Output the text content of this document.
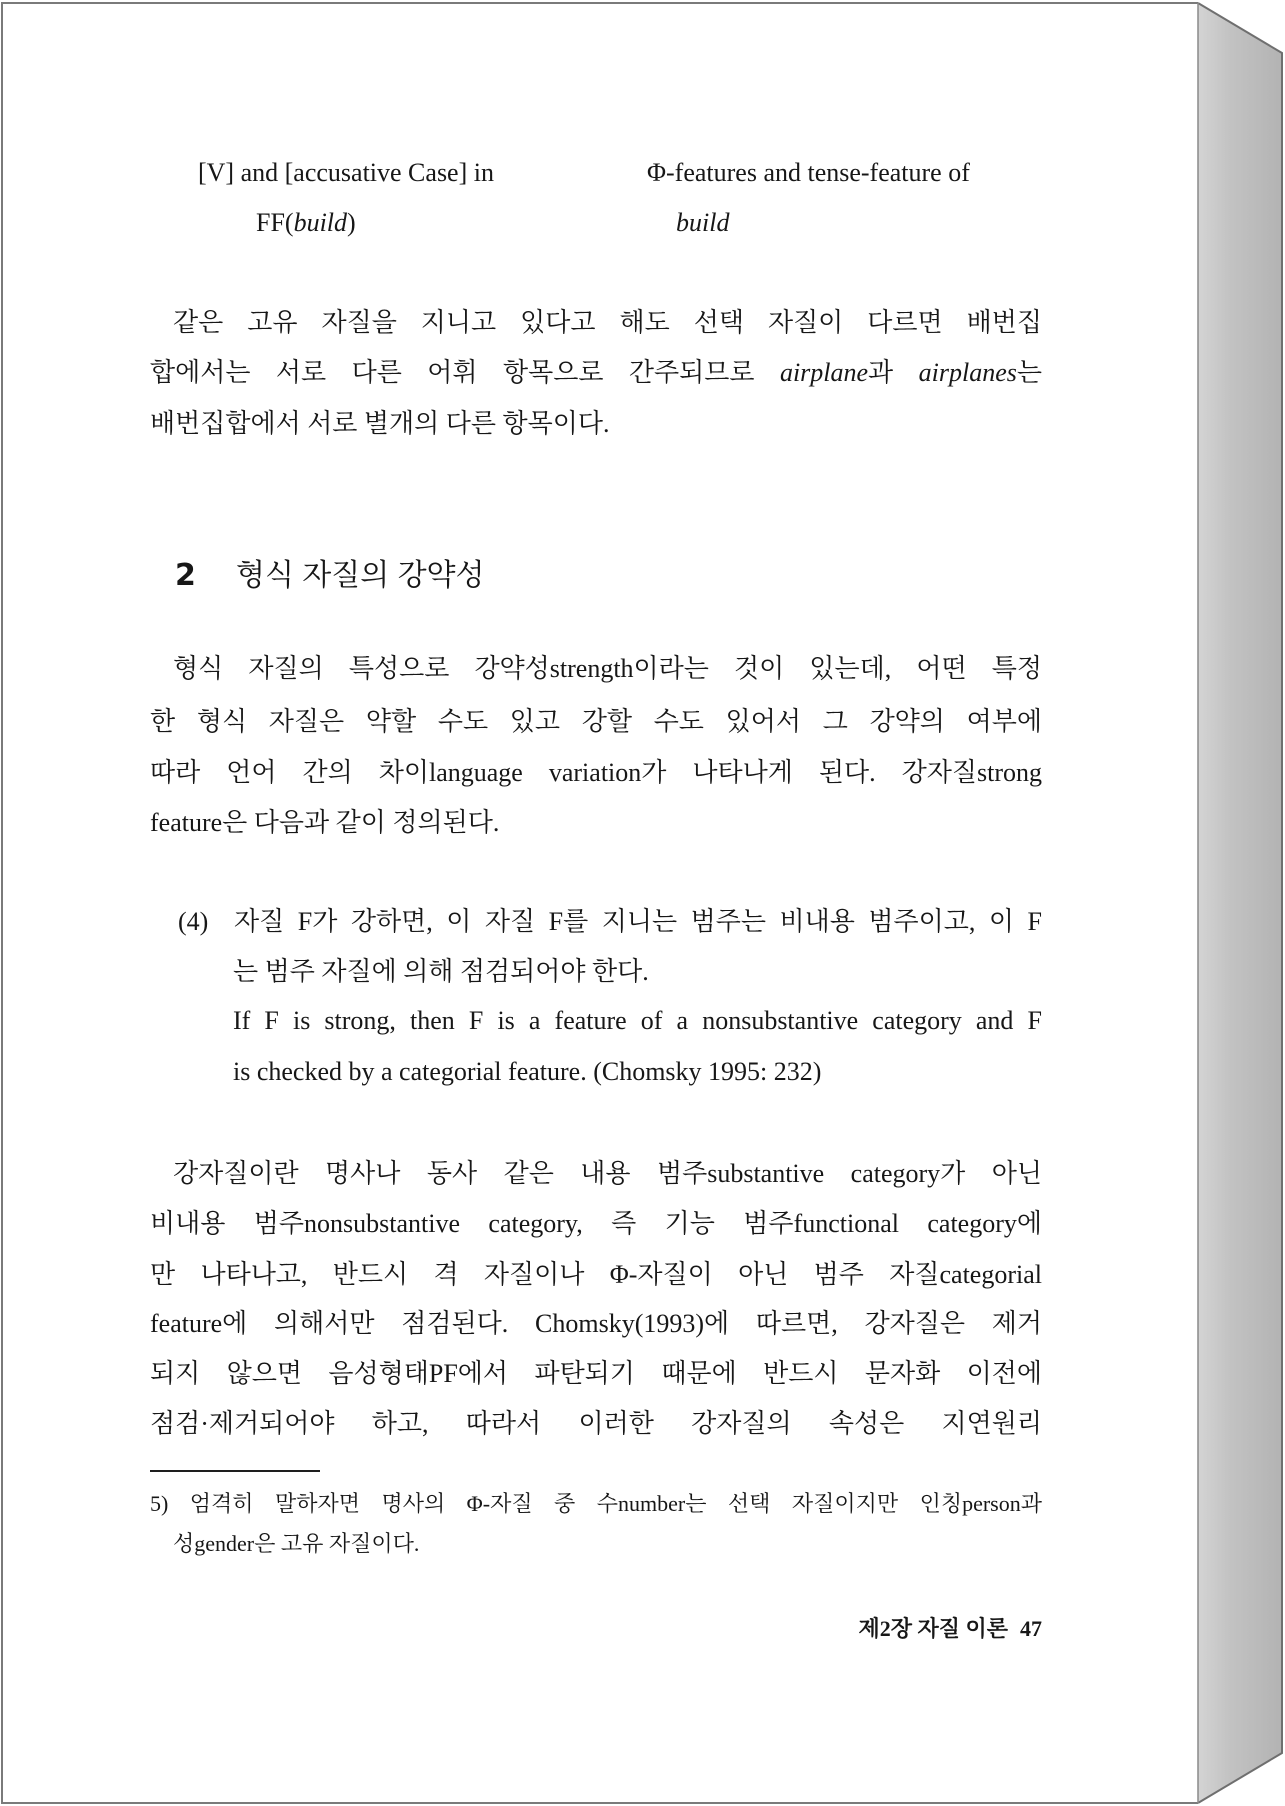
[V] and [accusative Case] in
FF(build)
Φ-features and tense-feature of
build
같은 고유 자질을 지니고 있다고 해도 선택 자질이 다르면 배번집
합에서는 서로 다른 어휘 항목으로 간주되므로 airplane과 airplanes는
배번집합에서 서로 별개의 다른 항목이다.
2 형식 자질의 강약성
형식 자질의 특성으로 강약성strength이라는 것이 있는데, 어떤 특정
한 형식 자질은 약할 수도 있고 강할 수도 있어서 그 강약의 여부에
따라 언어 간의 차이language variation가 나타나게 된다. 강자질strong
feature은 다음과 같이 정의된다.
(4) 자질 F가 강하면, 이 자질 F를 지니는 범주는 비내용 범주이고, 이 F
는 범주 자질에 의해 점검되어야 한다.
If F is strong, then F is a feature of a nonsubstantive category and F
is checked by a categorial feature. (Chomsky 1995: 232)
강자질이란 명사나 동사 같은 내용 범주substantive category가 아닌
비내용 범주nonsubstantive category, 즉 기능 범주functional category에
만 나타나고, 반드시 격 자질이나 Φ-자질이 아닌 범주 자질categorial
feature에 의해서만 점검된다. Chomsky(1993)에 따르면, 강자질은 제거
되지 않으면 음성형태PF에서 파탄되기 때문에 반드시 문자화 이전에
점검·제거되어야 하고, 따라서 이러한 강자질의 속성은 지연원리
5) 엄격히 말하자면 명사의 Φ-자질 중 수number는 선택 자질이지만 인칭person과
성gender은 고유 자질이다.
제2장 자질 이론 47
